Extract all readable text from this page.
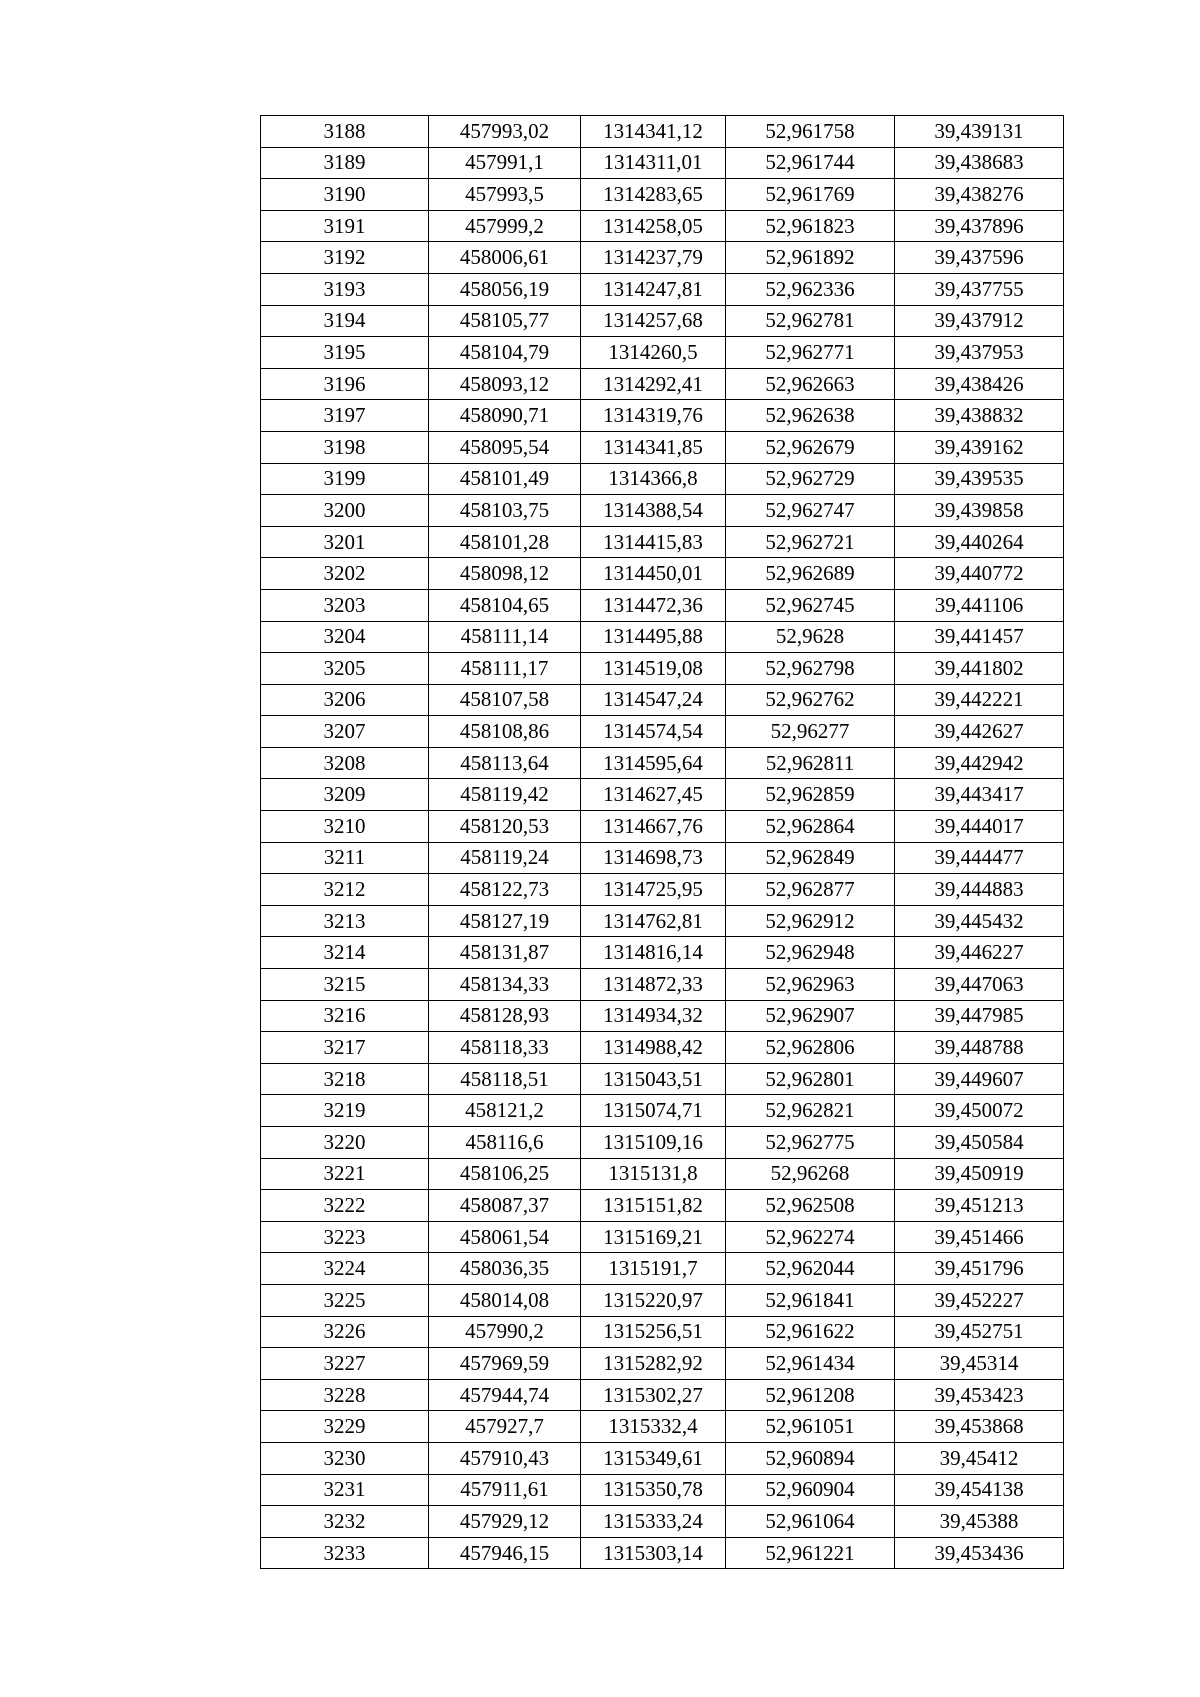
3188	457993,02	1314341,12	52,961758	39,439131
3189	457991,1	1314311,01	52,961744	39,438683
3190	457993,5	1314283,65	52,961769	39,438276
3191	457999,2	1314258,05	52,961823	39,437896
3192	458006,61	1314237,79	52,961892	39,437596
3193	458056,19	1314247,81	52,962336	39,437755
3194	458105,77	1314257,68	52,962781	39,437912
3195	458104,79	1314260,5	52,962771	39,437953
3196	458093,12	1314292,41	52,962663	39,438426
3197	458090,71	1314319,76	52,962638	39,438832
3198	458095,54	1314341,85	52,962679	39,439162
3199	458101,49	1314366,8	52,962729	39,439535
3200	458103,75	1314388,54	52,962747	39,439858
3201	458101,28	1314415,83	52,962721	39,440264
3202	458098,12	1314450,01	52,962689	39,440772
3203	458104,65	1314472,36	52,962745	39,441106
3204	458111,14	1314495,88	52,9628	39,441457
3205	458111,17	1314519,08	52,962798	39,441802
3206	458107,58	1314547,24	52,962762	39,442221
3207	458108,86	1314574,54	52,96277	39,442627
3208	458113,64	1314595,64	52,962811	39,442942
3209	458119,42	1314627,45	52,962859	39,443417
3210	458120,53	1314667,76	52,962864	39,444017
3211	458119,24	1314698,73	52,962849	39,444477
3212	458122,73	1314725,95	52,962877	39,444883
3213	458127,19	1314762,81	52,962912	39,445432
3214	458131,87	1314816,14	52,962948	39,446227
3215	458134,33	1314872,33	52,962963	39,447063
3216	458128,93	1314934,32	52,962907	39,447985
3217	458118,33	1314988,42	52,962806	39,448788
3218	458118,51	1315043,51	52,962801	39,449607
3219	458121,2	1315074,71	52,962821	39,450072
3220	458116,6	1315109,16	52,962775	39,450584
3221	458106,25	1315131,8	52,96268	39,450919
3222	458087,37	1315151,82	52,962508	39,451213
3223	458061,54	1315169,21	52,962274	39,451466
3224	458036,35	1315191,7	52,962044	39,451796
3225	458014,08	1315220,97	52,961841	39,452227
3226	457990,2	1315256,51	52,961622	39,452751
3227	457969,59	1315282,92	52,961434	39,45314
3228	457944,74	1315302,27	52,961208	39,453423
3229	457927,7	1315332,4	52,961051	39,453868
3230	457910,43	1315349,61	52,960894	39,45412
3231	457911,61	1315350,78	52,960904	39,454138
3232	457929,12	1315333,24	52,961064	39,45388
3233	457946,15	1315303,14	52,961221	39,453436
